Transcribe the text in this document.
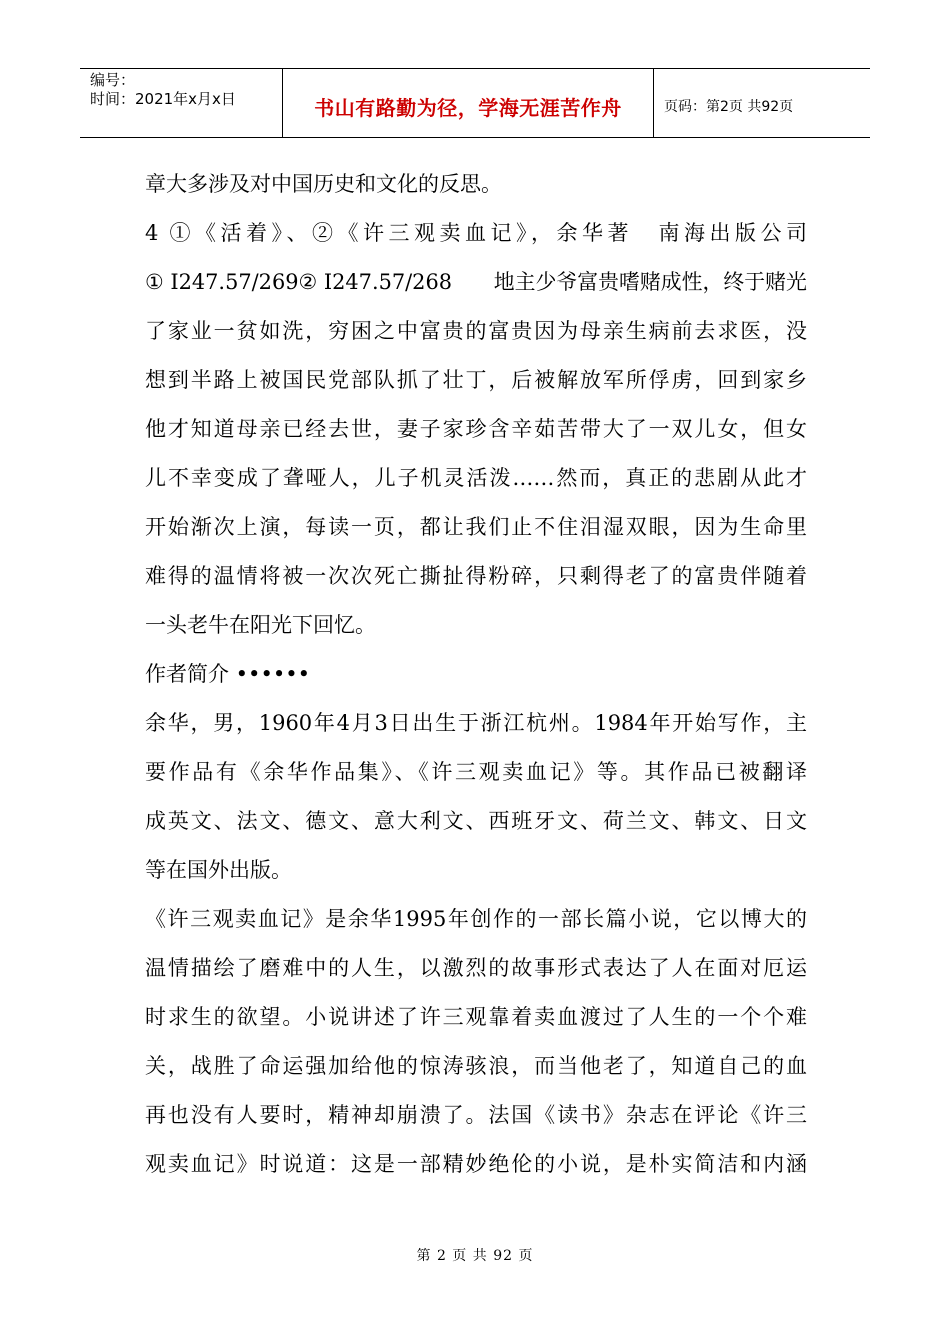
编号：
时间：2021年x月x日	书山有路勤为径，学海无涯苦作舟	页码：第2页 共92页
章大多涉及对中国历史和文化的反思。
4 ①《活着》、②《许三观卖血记》，余华著　南海出版公司
① I247.57/269② I247.57/268　　地主少爷富贵嗜赌成性，终于赌光
了家业一贫如洗，穷困之中富贵的富贵因为母亲生病前去求医，没
想到半路上被国民党部队抓了壮丁，后被解放军所俘虏，回到家乡
他才知道母亲已经去世，妻子家珍含辛茹苦带大了一双儿女，但女
儿不幸变成了聋哑人，儿子机灵活泼……然而，真正的悲剧从此才
开始渐次上演，每读一页，都让我们止不住泪湿双眼，因为生命里
难得的温情将被一次次死亡撕扯得粉碎，只剩得老了的富贵伴随着
一头老牛在阳光下回忆。
作者简介 ••••••
余华，男，1960年4月3日出生于浙江杭州。1984年开始写作，主
要作品有《余华作品集》、《许三观卖血记》等。其作品已被翻译
成英文、法文、德文、意大利文、西班牙文、荷兰文、韩文、日文
等在国外出版。
《许三观卖血记》是余华1995年创作的一部长篇小说，它以博大的
温情描绘了磨难中的人生，以激烈的故事形式表达了人在面对厄运
时求生的欲望。小说讲述了许三观靠着卖血渡过了人生的一个个难
关，战胜了命运强加给他的惊涛骇浪，而当他老了，知道自己的血
再也没有人要时，精神却崩溃了。法国《读书》杂志在评论《许三
观卖血记》时说道：这是一部精妙绝伦的小说，是朴实简洁和内涵
第 2 页 共 92 页
